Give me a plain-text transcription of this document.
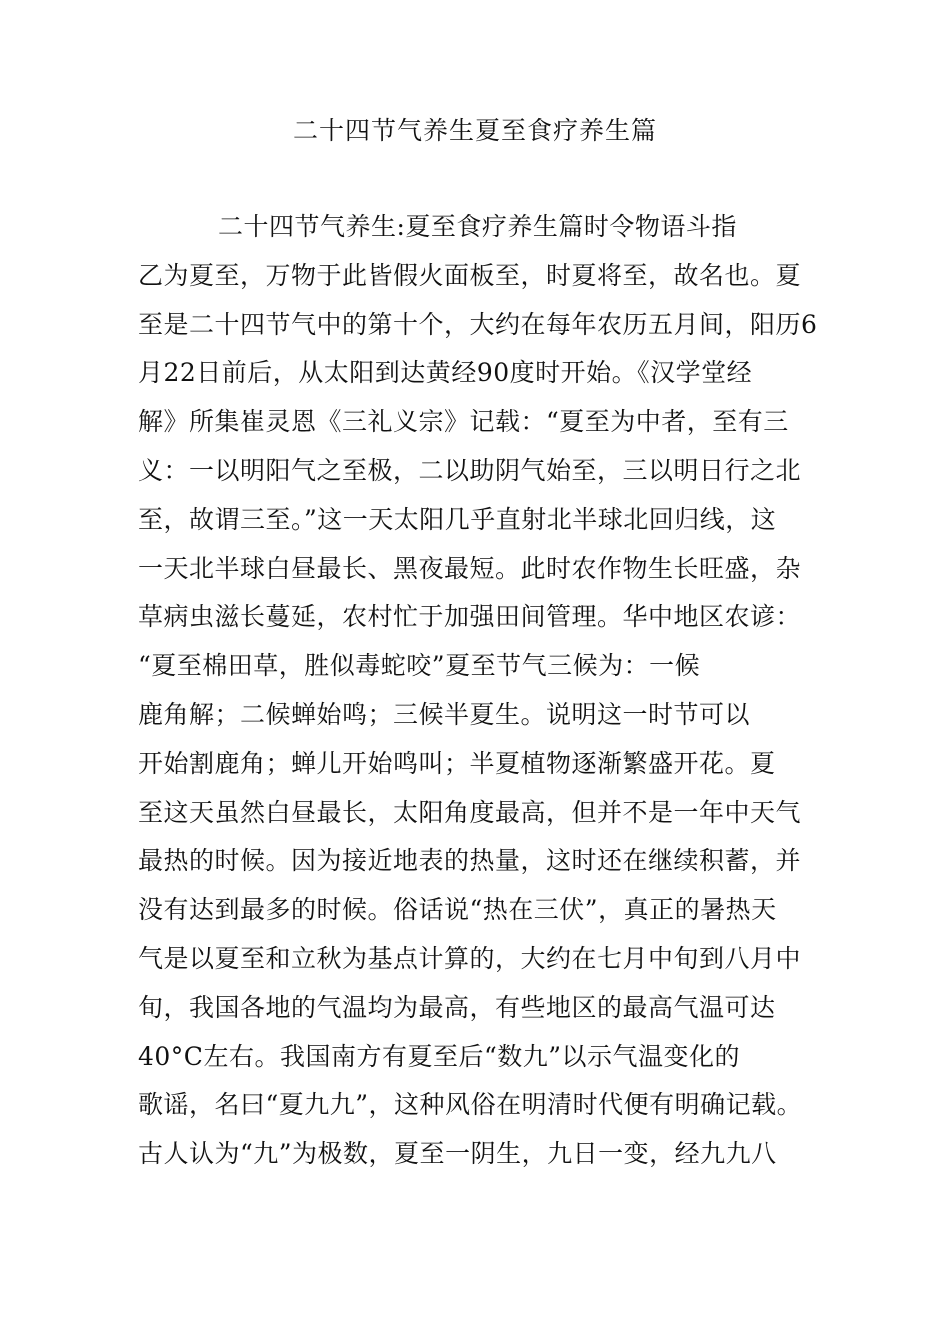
二十四节气养生夏至食疗养生篇
二十四节气养生:夏至食疗养生篇时令物语斗指
乙为夏至，万物于此皆假火面板至，时夏将至，故名也。夏
至是二十四节气中的第十个，大约在每年农历五月间，阳历6
月22日前后，从太阳到达黄经90度时开始。《汉学堂经
解》所集崔灵恩《三礼义宗》记载：“夏至为中者，至有三
义：一以明阳气之至极，二以助阴气始至，三以明日行之北
至，故谓三至。”这一天太阳几乎直射北半球北回归线，这
一天北半球白昼最长、黑夜最短。此时农作物生长旺盛，杂
草病虫滋长蔓延，农村忙于加强田间管理。华中地区农谚：
“夏至棉田草，胜似毒蛇咬”夏至节气三候为：一候
鹿角解；二候蝉始鸣；三候半夏生。说明这一时节可以
开始割鹿角；蝉儿开始鸣叫；半夏植物逐渐繁盛开花。夏
至这天虽然白昼最长，太阳角度最高，但并不是一年中天气
最热的时候。因为接近地表的热量，这时还在继续积蓄，并
没有达到最多的时候。俗话说“热在三伏”，真正的暑热天
气是以夏至和立秋为基点计算的，大约在七月中旬到八月中
旬，我国各地的气温均为最高，有些地区的最高气温可达
40°C左右。我国南方有夏至后“数九”以示气温变化的
歌谣，名曰“夏九九”，这种风俗在明清时代便有明确记载。
古人认为“九”为极数，夏至一阴生，九日一变，经九九八
